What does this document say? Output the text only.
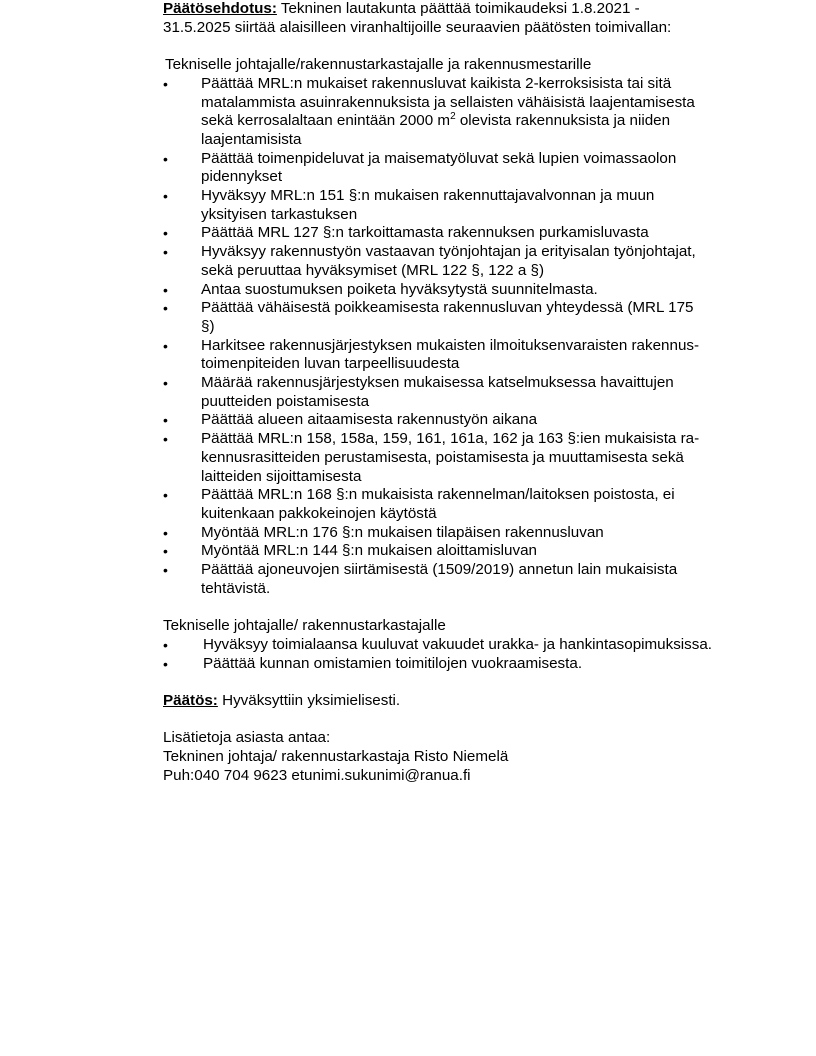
Päätösehdotus: Tekninen lautakunta päättää toimikaudeksi 1.8.2021 -
31.5.2025 siirtää alaisilleen viranhaltijoille seuraavien päätösten toimivallan:
Tekniselle johtajalle/rakennustarkastajalle ja rakennusmestarille
• Päättää MRL:n mukaiset rakennusluvat kaikista 2-kerroksisista tai sitä
matalammista asuinrakennuksista ja sellaisten vähäisistä laajentamisesta
sekä kerrosalaltaan enintään 2000 $m^2$ olevista rakennuksista ja niiden
laajentamisista
• Päättää toimenpideluvat ja maisematyöluvat sekä lupien voimassaolon
pidennykset
• Hyväksyy MRL:n 151 §:n mukaisen rakennuttajavalvonnan ja muun
yksityisen tarkastuksen
• Päättää MRL 127 §:n tarkoittamasta rakennuksen purkamisluvasta
• Hyväksyy rakennustyön vastaavan työnjohtajan ja erityisalan työnjohtajat,
sekä peruuttaa hyväksymiset (MRL 122 §, 122 a §)
• Antaa suostumuksen poiketa hyväksytystä suunnitelmasta.
• Päättää vähäisestä poikkeamisesta rakennusluvan yhteydessä (MRL 175
§)
• Harkitsee rakennusjärjestyksen mukaisten ilmoituksenvaraisten rakennus-
toimenpiteiden luvan tarpeellisuudesta
• Määrää rakennusjärjestyksen mukaisessa katselmuksessa havaittujen
puutteiden poistamisesta
• Päättää alueen aitaamisesta rakennustyön aikana
• Päättää MRL:n 158, 158a, 159, 161, 161a, 162 ja 163 §:ien mukaisista ra-
kennusrasitteiden perustamisesta, poistamisesta ja muuttamisesta sekä
laitteiden sijoittamisesta
• Päättää MRL:n 168 §:n mukaisista rakennelman/laitoksen poistosta, ei
kuitenkaan pakkokeinojen käytöstä
• Myöntää MRL:n 176 §:n mukaisen tilapäisen rakennusluvan
• Myöntää MRL:n 144 §:n mukaisen aloittamisluvan
• Päättää ajoneuvojen siirtämisestä (1509/2019) annetun lain mukaisista
tehtävistä.
Tekniselle johtajalle/ rakennustarkastajalle
• Hyväksyy toimialaansa kuuluvat vakuudet urakka- ja hankintasopimuksissa.
• Päättää kunnan omistamien toimitilojen vuokraamisesta.
Päätös: Hyväksyttiin yksimielisesti.
Lisätietoja asiasta antaa:
Tekninen johtaja/ rakennustarkastaja Risto Niemelä
Puh:040 704 9623 etunimi.sukunimi@ranua.fi
